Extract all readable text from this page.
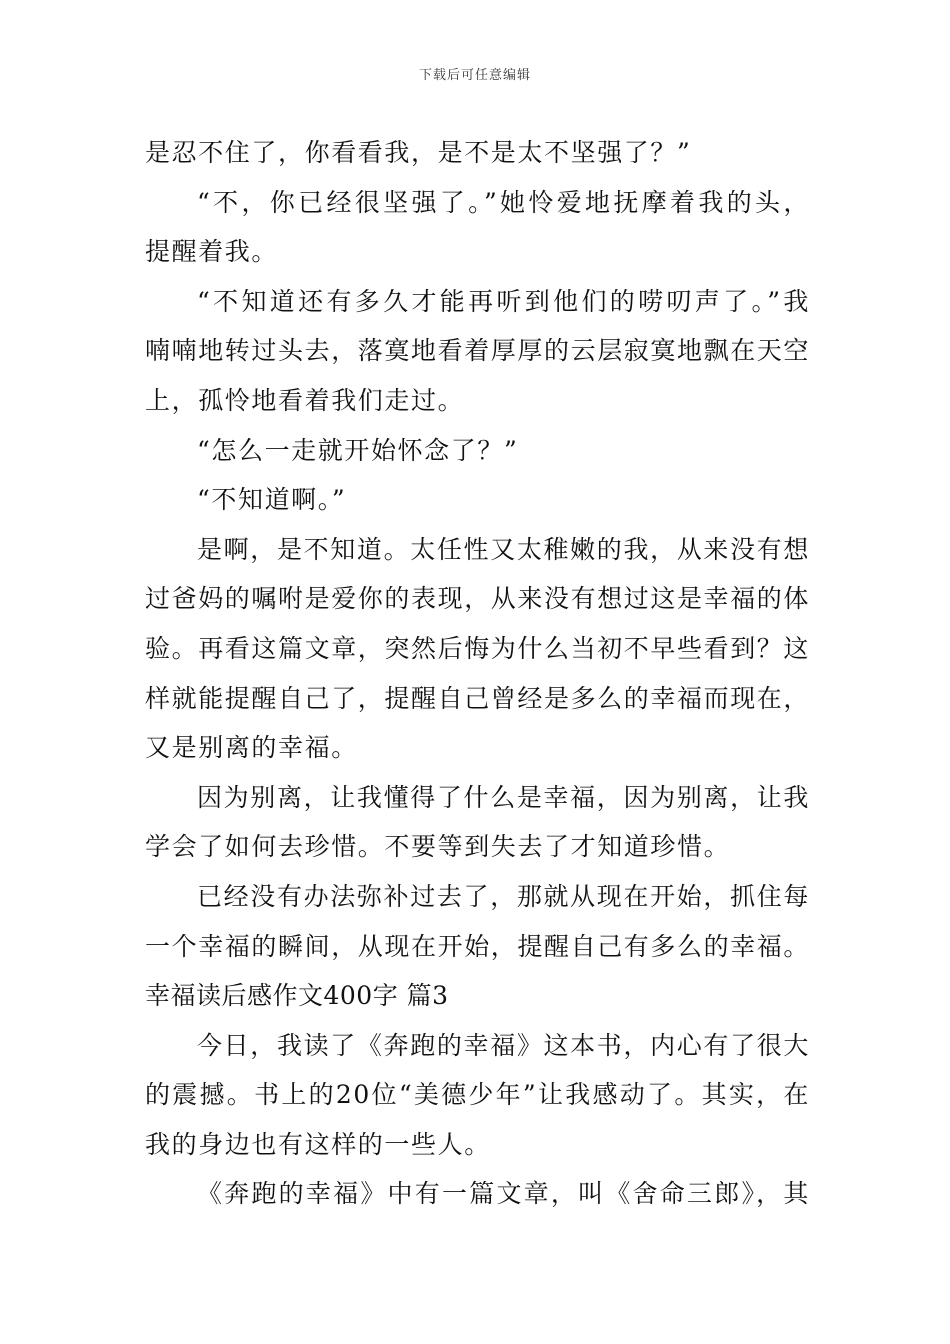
下载后可任意编辑
是忍不住了，你看看我，是不是太不坚强了？”
“不，你已经很坚强了。”她怜爱地抚摩着我的头，
提醒着我。
“不知道还有多久才能再听到他们的唠叨声了。”我
喃喃地转过头去，落寞地看着厚厚的云层寂寞地飘在天空
上，孤怜地看着我们走过。
“怎么一走就开始怀念了？”
“不知道啊。”
是啊，是不知道。太任性又太稚嫩的我，从来没有想
过爸妈的嘱咐是爱你的表现，从来没有想过这是幸福的体
验。再看这篇文章，突然后悔为什么当初不早些看到？这
样就能提醒自己了，提醒自己曾经是多么的幸福而现在，
又是别离的幸福。
因为别离，让我懂得了什么是幸福，因为别离，让我
学会了如何去珍惜。不要等到失去了才知道珍惜。
已经没有办法弥补过去了，那就从现在开始，抓住每
一个幸福的瞬间，从现在开始，提醒自己有多么的幸福。
幸福读后感作文400字 篇3
今日，我读了《奔跑的幸福》这本书，内心有了很大
的震撼。书上的20位“美德少年”让我感动了。其实，在
我的身边也有这样的一些人。
《奔跑的幸福》中有一篇文章，叫《舍命三郎》，其
